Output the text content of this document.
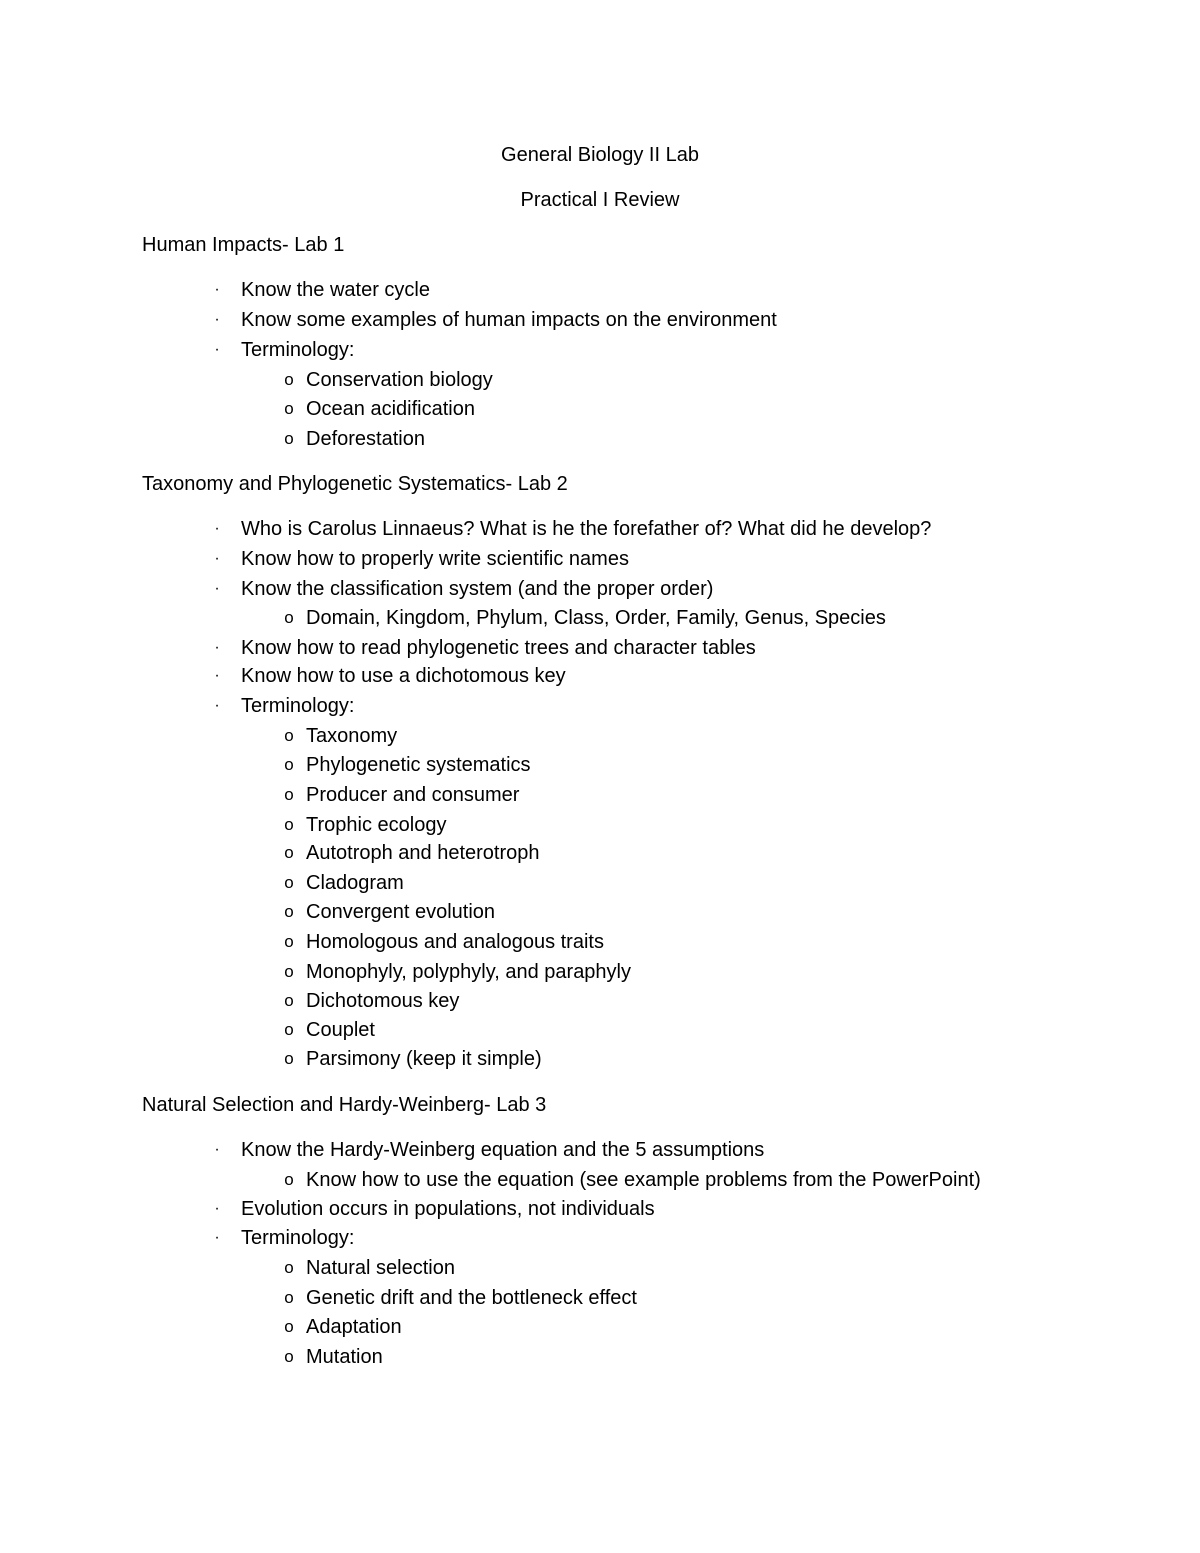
General Biology II Lab
Practical I Review
Human Impacts- Lab 1
· Know the water cycle
· Know some examples of human impacts on the environment
· Terminology:
o Conservation biology
o Ocean acidification
o Deforestation
Taxonomy and Phylogenetic Systematics- Lab 2
· Who is Carolus Linnaeus? What is he the forefather of? What did he develop?
· Know how to properly write scientific names
· Know the classification system (and the proper order)
o Domain, Kingdom, Phylum, Class, Order, Family, Genus, Species
· Know how to read phylogenetic trees and character tables
· Know how to use a dichotomous key
· Terminology:
o Taxonomy
o Phylogenetic systematics
o Producer and consumer
o Trophic ecology
o Autotroph and heterotroph
o Cladogram
o Convergent evolution
o Homologous and analogous traits
o Monophyly, polyphyly, and paraphyly
o Dichotomous key
o Couplet
o Parsimony (keep it simple)
Natural Selection and Hardy-Weinberg- Lab 3
· Know the Hardy-Weinberg equation and the 5 assumptions
o Know how to use the equation (see example problems from the PowerPoint)
· Evolution occurs in populations, not individuals
· Terminology:
o Natural selection
o Genetic drift and the bottleneck effect
o Adaptation
o Mutation
